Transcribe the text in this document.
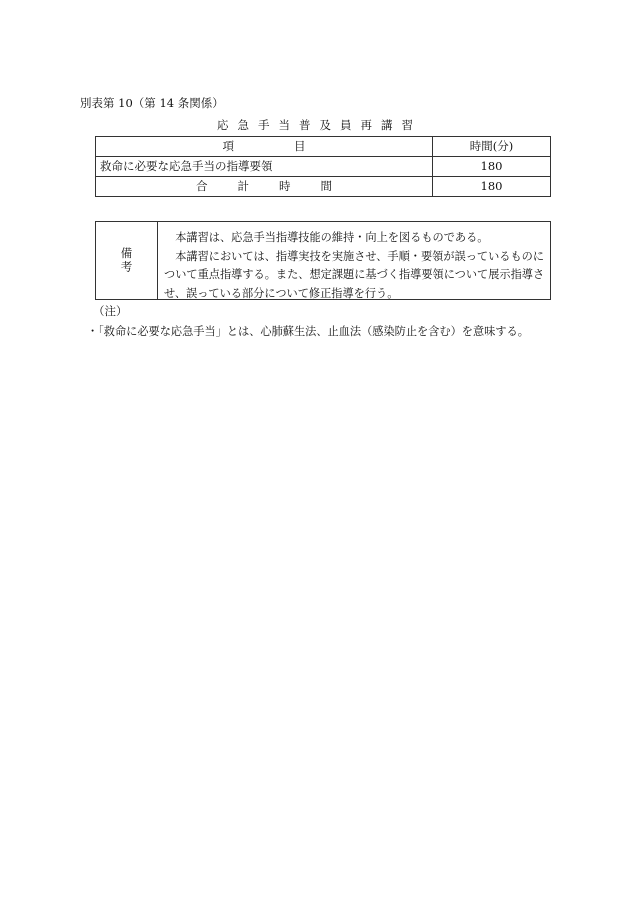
別表第 10（第 14 条関係）
応急手当普及員再講習
項目	時間(分)
救命に必要な応急手当の指導要領	180
合計時間	180
備考

本講習は、応急手当指導技能の維持・向上を図るものである。

本講習においては、指導実技を実施させ、手順・要領が誤っているものについて重点指導する。また、想定課題に基づく指導要領について展示指導させ、誤っている部分について修正指導を行う。

（注）
・「救命に必要な応急手当」とは、心肺蘇生法、止血法（感染防止を含む）を意味する。
